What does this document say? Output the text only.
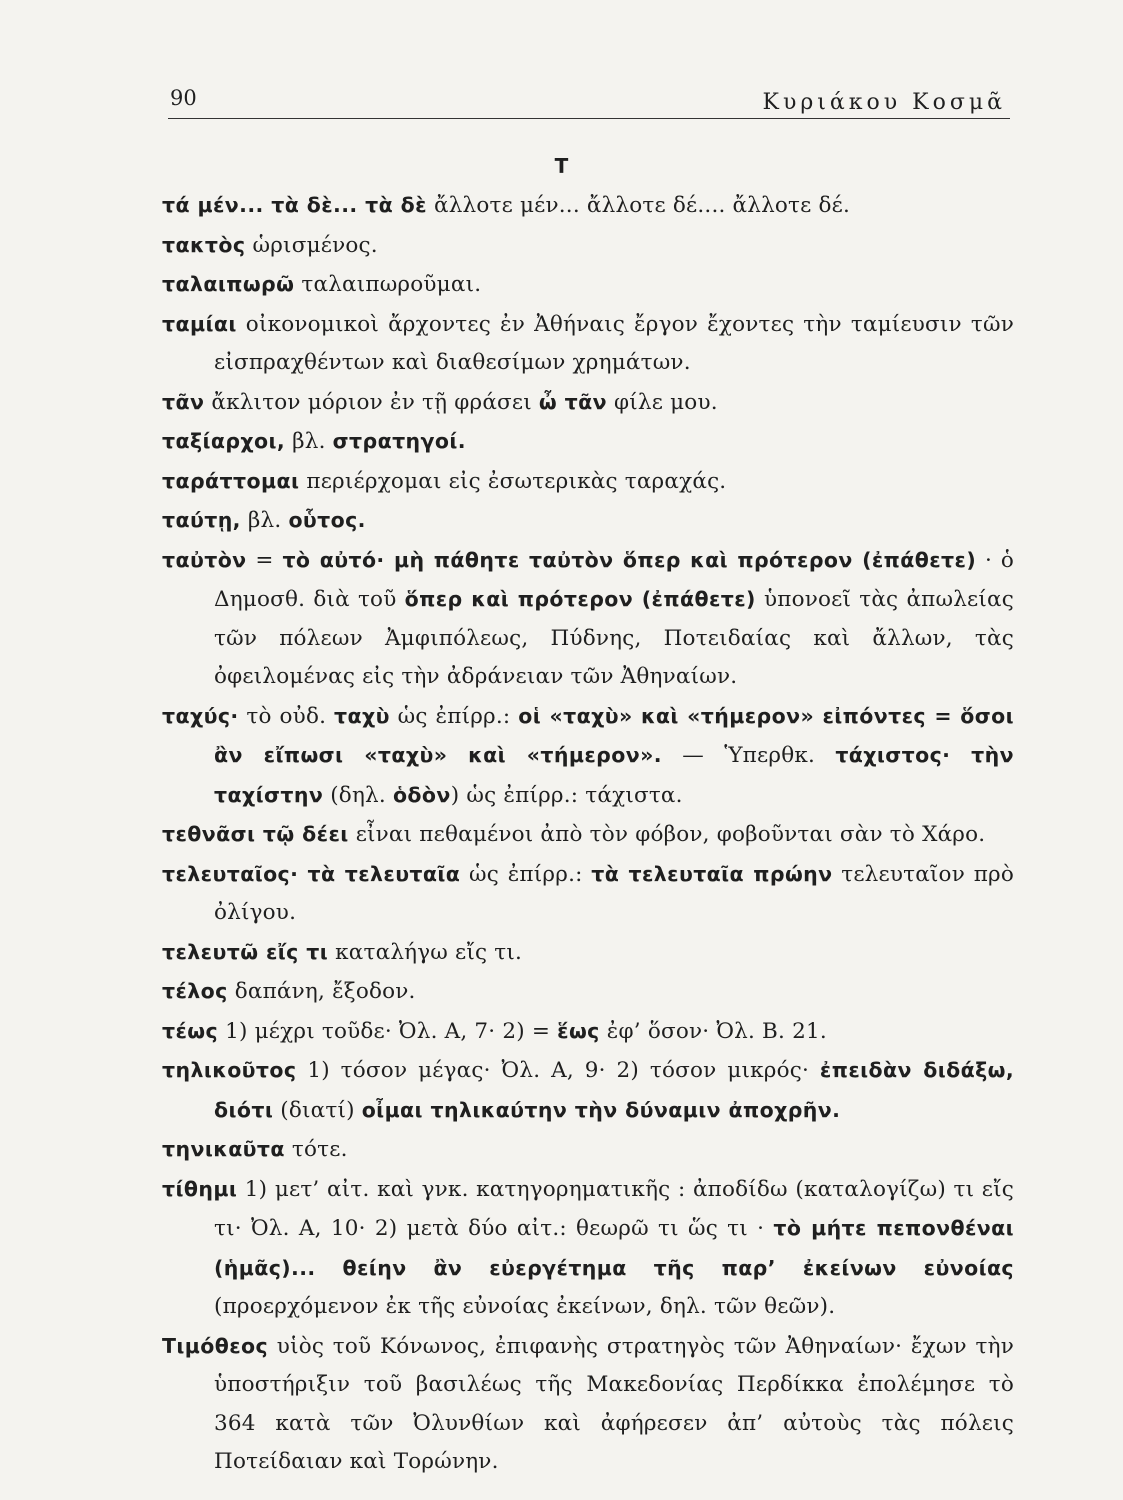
90	Κυριάκου Κοσμᾶ
Τ
τά μέν... τὰ δὲ... τὰ δὲ ἄλλοτε μέν... ἄλλοτε δέ.... ἄλλοτε δέ.
τακτὸς ὡρισμένος.
ταλαιπωρῶ ταλαιπωροῦμαι.
ταμίαι οἰκονομικοὶ ἄρχοντες ἐν Ἀθήναις ἔργον ἔχοντες τὴν ταμίευσιν τῶν εἰσπραχθέντων καὶ διαθεσίμων χρημάτων.
τᾶν ἄκλιτον μόριον ἐν τῇ φράσει ὦ τᾶν φίλε μου.
ταξίαρχοι, βλ. στρατηγοί.
ταράττομαι περιέρχομαι εἰς ἐσωτερικὰς ταραχάς.
ταύτῃ, βλ. οὗτος.
ταὐτὸν = τὸ αὐτό· μὴ πάθητε ταὐτὸν ὅπερ καὶ πρότερον (ἐπάθετε) · ὁ Δημοσθ. διὰ τοῦ ὅπερ καὶ πρότερον (ἐπάθετε) ὑπονοεῖ τὰς ἀπωλείας τῶν πόλεων Ἀμφιπόλεως, Πύδνης, Ποτειδαίας καὶ ἄλλων, τὰς ὀφειλομένας εἰς τὴν ἀδράνειαν τῶν Ἀθηναίων.
ταχύς· τὸ οὐδ. ταχὺ ὡς ἐπίρρ.: οἱ «ταχὺ» καὶ «τήμερον» εἰπόντες = ὅσοι ἂν εἴπωσι «ταχὺ» καὶ «τήμερον». — Ὑπερθκ. τάχιστος· τὴν ταχίστην (δηλ. ὁδὸν) ὡς ἐπίρρ.: τάχιστα.
τεθνᾶσι τῷ δέει εἶναι πεθαμένοι ἀπὸ τὸν φόβον, φοβοῦνται σὰν τὸ Χάρο.
τελευταῖος· τὰ τελευταῖα ὡς ἐπίρρ.: τὰ τελευταῖα πρώην τελευταῖον πρὸ ὀλίγου.
τελευτῶ εἴς τι καταλήγω εἴς τι.
τέλος δαπάνη, ἔξοδον.
τέως 1) μέχρι τοῦδε· Ὀλ. Α, 7· 2) = ἕως ἐφ’ ὅσον· Ὀλ. Β. 21.
τηλικοῦτος 1) τόσον μέγας· Ὀλ. Α, 9· 2) τόσον μικρός· ἐπειδὰν διδάξω, διότι (διατί) οἶμαι τηλικαύτην τὴν δύναμιν ἀποχρῆν.
τηνικαῦτα τότε.
τίθημι 1) μετ’ αἰτ. καὶ γνκ. κατηγορηματικῆς : ἀποδίδω (καταλογίζω) τι εἴς τι· Ὀλ. Α, 10· 2) μετὰ δύο αἰτ.: θεωρῶ τι ὥς τι · τὸ μήτε πεπονθέναι (ἡμᾶς)... θείην ἂν εὐεργέτημα τῆς παρ’ ἐκείνων εὐνοίας (προερχόμενον ἐκ τῆς εὐνοίας ἐκείνων, δηλ. τῶν θεῶν).
Τιμόθεος υἱὸς τοῦ Κόνωνος, ἐπιφανὴς στρατηγὸς τῶν Ἀθηναίων· ἔχων τὴν ὑποστήριξιν τοῦ βασιλέως τῆς Μακεδονίας Περδίκκα ἐπολέμησε τὸ 364 κατὰ τῶν Ὀλυνθίων καὶ ἀφήρεσεν ἀπ’ αὐτοὺς τὰς πόλεις Ποτείδαιαν καὶ Τορώνην.
